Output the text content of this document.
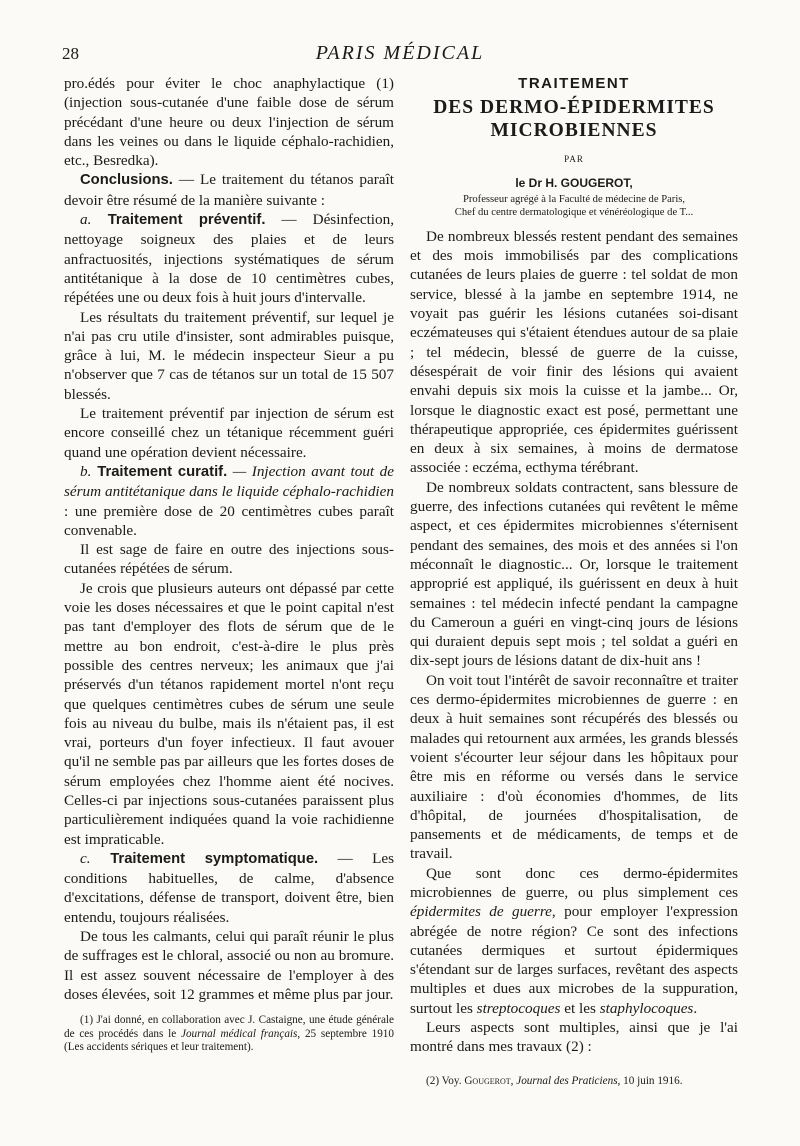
28	PARIS MÉDICAL

pro.édés pour éviter le choc anaphylactique (1) (injection sous-cutanée d'une faible dose de sérum précédant d'une heure ou deux l'injection de sérum dans les veines ou dans le liquide céphalo-rachidien, etc., Besredka).

Conclusions. — Le traitement du tétanos paraît devoir être résumé de la manière suivante :

a. Traitement préventif. — Désinfection, nettoyage soigneux des plaies et de leurs anfractuosités, injections systématiques de sérum antitétanique à la dose de 10 centimètres cubes, répétées une ou deux fois à huit jours d'intervalle.

Les résultats du traitement préventif, sur lequel je n'ai pas cru utile d'insister, sont admirables puisque, grâce à lui, M. le médecin inspecteur Sieur a pu n'observer que 7 cas de tétanos sur un total de 15 507 blessés.

Le traitement préventif par injection de sérum est encore conseillé chez un tétanique récemment guéri quand une opération devient nécessaire.

b. Traitement curatif. — Injection avant tout de sérum antitétanique dans le liquide céphalo-rachidien : une première dose de 20 centimètres cubes paraît convenable.

Il est sage de faire en outre des injections sous-cutanées répétées de sérum.

Je crois que plusieurs auteurs ont dépassé par cette voie les doses nécessaires et que le point capital n'est pas tant d'employer des flots de sérum que de le mettre au bon endroit, c'est-à-dire le plus près possible des centres nerveux; les animaux que j'ai préservés d'un tétanos rapidement mortel n'ont reçu que quelques centimètres cubes de sérum une seule fois au niveau du bulbe, mais ils n'étaient pas, il est vrai, porteurs d'un foyer infectieux. Il faut avouer qu'il ne semble pas par ailleurs que les fortes doses de sérum employées chez l'homme aient été nocives. Celles-ci par injections sous-cutanées paraissent plus particulièrement indiquées quand la voie rachidienne est impraticable.

c. Traitement symptomatique. — Les conditions habituelles, de calme, d'absence d'excitations, défense de transport, doivent être, bien entendu, toujours réalisées.

De tous les calmants, celui qui paraît réunir le plus de suffrages est le chloral, associé ou non au bromure. Il est assez souvent nécessaire de l'employer à des doses élevées, soit 12 grammes et même plus par jour.

(1) J'ai donné, en collaboration avec J. Castaigne, une étude générale de ces procédés dans le Journal médical français, 25 septembre 1910 (Les accidents sériques et leur traitement).

TRAITEMENT
DES DERMO-ÉPIDERMITES
MICROBIENNES
PAR
le Dr H. GOUGEROT,
Professeur agrégé à la Faculté de médecine de Paris,
Chef du centre dermatologique et vénéréologique de T...

De nombreux blessés restent pendant des semaines et des mois immobilisés par des complications cutanées de leurs plaies de guerre : tel soldat de mon service, blessé à la jambe en septembre 1914, ne voyait pas guérir les lésions cutanées soi-disant eczémateuses qui s'étaient étendues autour de sa plaie ; tel médecin, blessé de guerre de la cuisse, désespérait de voir finir des lésions qui avaient envahi depuis six mois la cuisse et la jambe... Or, lorsque le diagnostic exact est posé, permettant une thérapeutique appropriée, ces épidermites guérissent en deux à six semaines, à moins de dermatose associée : eczéma, ecthyma térébrant.

De nombreux soldats contractent, sans blessure de guerre, des infections cutanées qui revêtent le même aspect, et ces épidermites microbiennes s'éternisent pendant des semaines, des mois et des années si l'on méconnaît le diagnostic... Or, lorsque le traitement approprié est appliqué, ils guérissent en deux à huit semaines : tel médecin infecté pendant la campagne du Cameroun a guéri en vingt-cinq jours de lésions qui duraient depuis sept mois ; tel soldat a guéri en dix-sept jours de lésions datant de dix-huit ans !

On voit tout l'intérêt de savoir reconnaître et traiter ces dermo-épidermites microbiennes de guerre : en deux à huit semaines sont récupérés des blessés ou malades qui retournent aux armées, les grands blessés voient s'écourter leur séjour dans les hôpitaux pour être mis en réforme ou versés dans le service auxiliaire : d'où économies d'hommes, de lits d'hôpital, de journées d'hospitalisation, de pansements et de médicaments, de temps et de travail.

Que sont donc ces dermo-épidermites microbiennes de guerre, ou plus simplement ces épidermites de guerre, pour employer l'expression abrégée de notre région? Ce sont des infections cutanées dermiques et surtout épidermiques s'étendant sur de larges surfaces, revêtant des aspects multiples et dues aux microbes de la suppuration, surtout les streptocoques et les staphylocoques.

Leurs aspects sont multiples, ainsi que je l'ai montré dans mes travaux (2) :

(2) Voy. Gougerot, Journal des Praticiens, 10 juin 1916.
